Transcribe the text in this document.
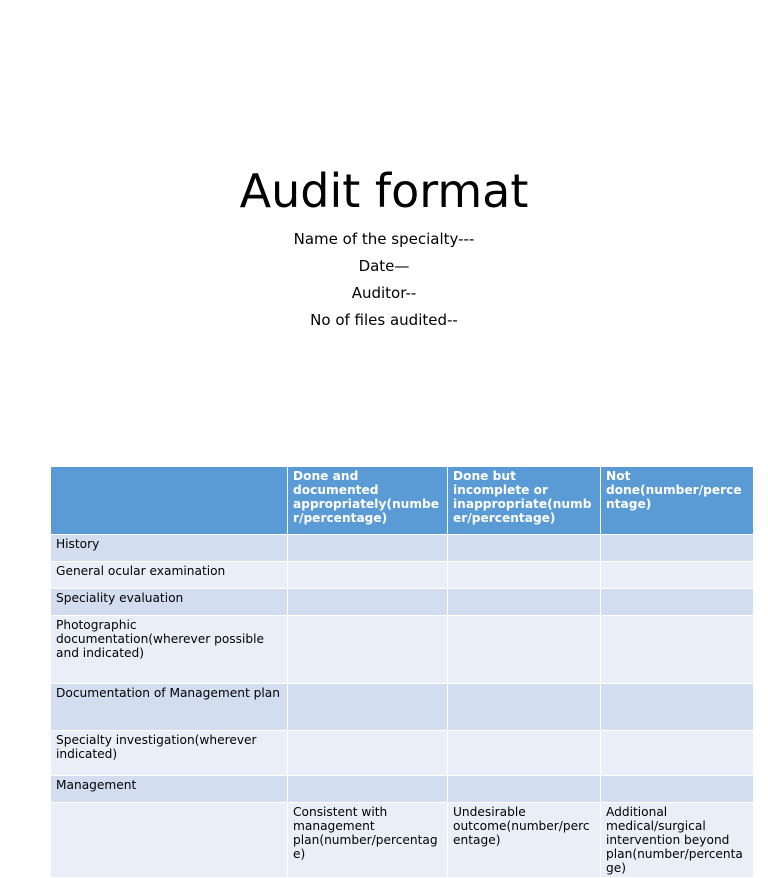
Audit format
Name of the specialty---
Date—
Auditor--
No of files audited--
	Done and documented appropriately(number/percentage)	Done but incomplete or inappropriate(number/percentage)	Not done(number/percentage)
History			
General ocular examination			
Speciality evaluation			
Photographic documentation(wherever possible and indicated)			
Documentation of Management plan			
Specialty investigation(wherever indicated)			
Management			
	Consistent with management plan(number/percentage)	Undesirable outcome(number/percentage)	Additional medical/surgical intervention beyond plan(number/percentage)
